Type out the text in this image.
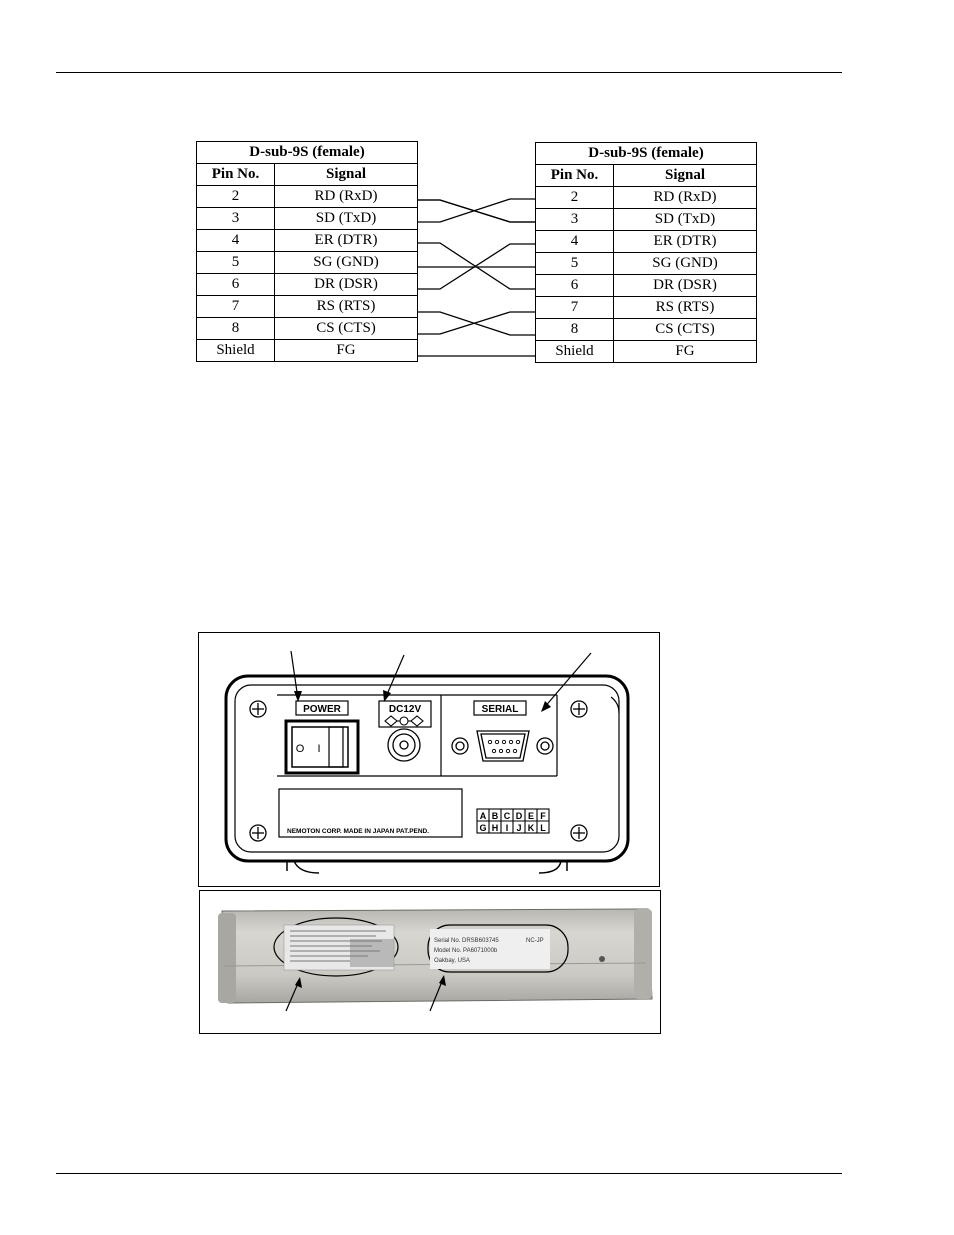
D-sub-9S (female)	
Pin No.	Signal
2	RD (RxD)
3	SD (TxD)
4	ER (DTR)
5	SG (GND)
6	DR (DSR)
7	RS (RTS)
8	CS (CTS)
Shield	FG
D-sub-9S (female)	
Pin No.	Signal
2	RD (RxD)
3	SD (TxD)
4	ER (DTR)
5	SG (GND)
6	DR (DSR)
7	RS (RTS)
8	CS (CTS)
Shield	FG
POWER	DC12V	SERIAL
O I
NEMOTON CORP. MADE IN JAPAN PAT.PEND.
A B C D E F
G H I J K L
Serial No. DRSB603745	NC-JP
Model No. PA6071000b
Oakbay, USA
